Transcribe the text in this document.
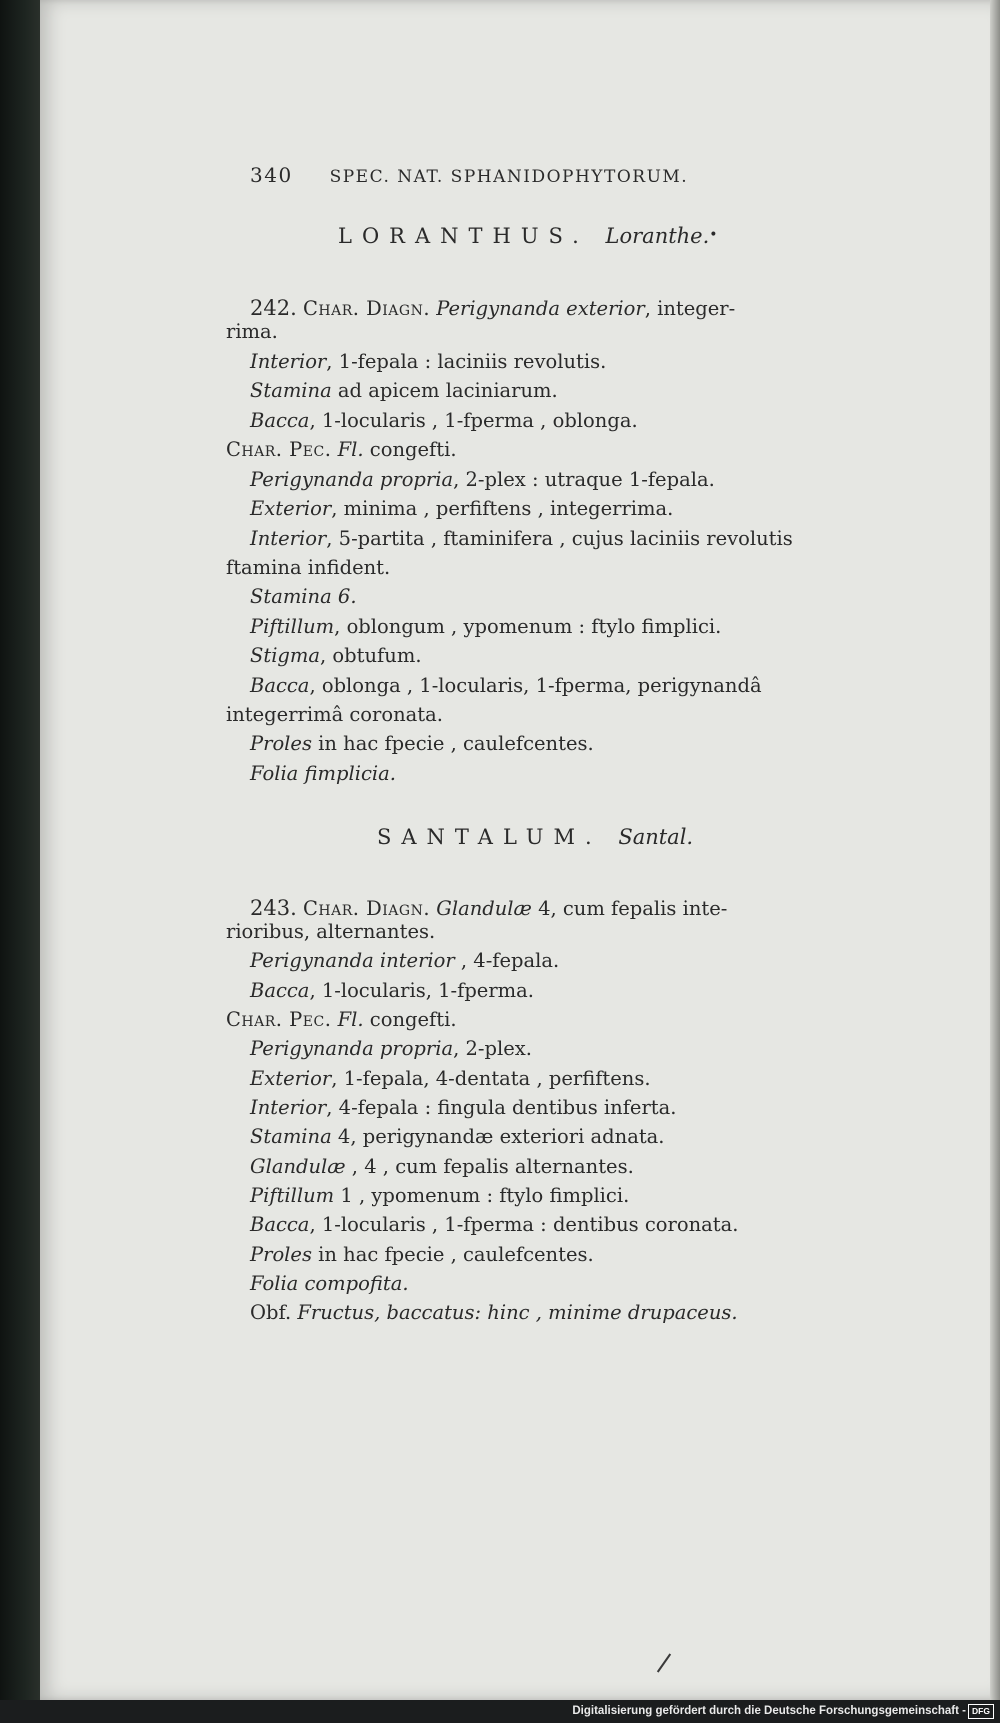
340 SPEC. NAT. SPHANIDOPHYTORUM.
LORANTHUS. Loranthe.•
242. Char. Diagn. Perigynanda exterior, integer-
rima.
Interior, 1-fepala : laciniis revolutis.
Stamina ad apicem laciniarum.
Bacca, 1-locularis , 1-fperma , oblonga.
Char. Pec. Fl. congefti.
Perigynanda propria, 2-plex : utraque 1-fepala.
Exterior, minima , perfiftens , integerrima.
Interior, 5-partita , ftaminifera , cujus laciniis revolutis
ftamina infident.
Stamina 6.
Piftillum, oblongum , ypomenum : ftylo fimplici.
Stigma, obtufum.
Bacca, oblonga , 1-locularis, 1-fperma, perigynandâ
integerrimâ coronata.
Proles in hac fpecie , caulefcentes.
Folia fimplicia.
SANTALUM. Santal.
243. Char. Diagn. Glandulæ 4, cum fepalis inte-
rioribus, alternantes.
Perigynanda interior , 4-fepala.
Bacca, 1-locularis, 1-fperma.
Char. Pec. Fl. congefti.
Perigynanda propria, 2-plex.
Exterior, 1-fepala, 4-dentata , perfiftens.
Interior, 4-fepala : fingula dentibus inferta.
Stamina 4, perigynandæ exteriori adnata.
Glandulæ , 4 , cum fepalis alternantes.
Piftillum 1 , ypomenum : ftylo fimplici.
Bacca, 1-locularis , 1-fperma : dentibus coronata.
Proles in hac fpecie , caulefcentes.
Folia compofita.
Obf. Fructus, baccatus: hinc , minime drupaceus.
Digitalisierung gefördert durch die Deutsche Forschungsgemeinschaft - DFG
